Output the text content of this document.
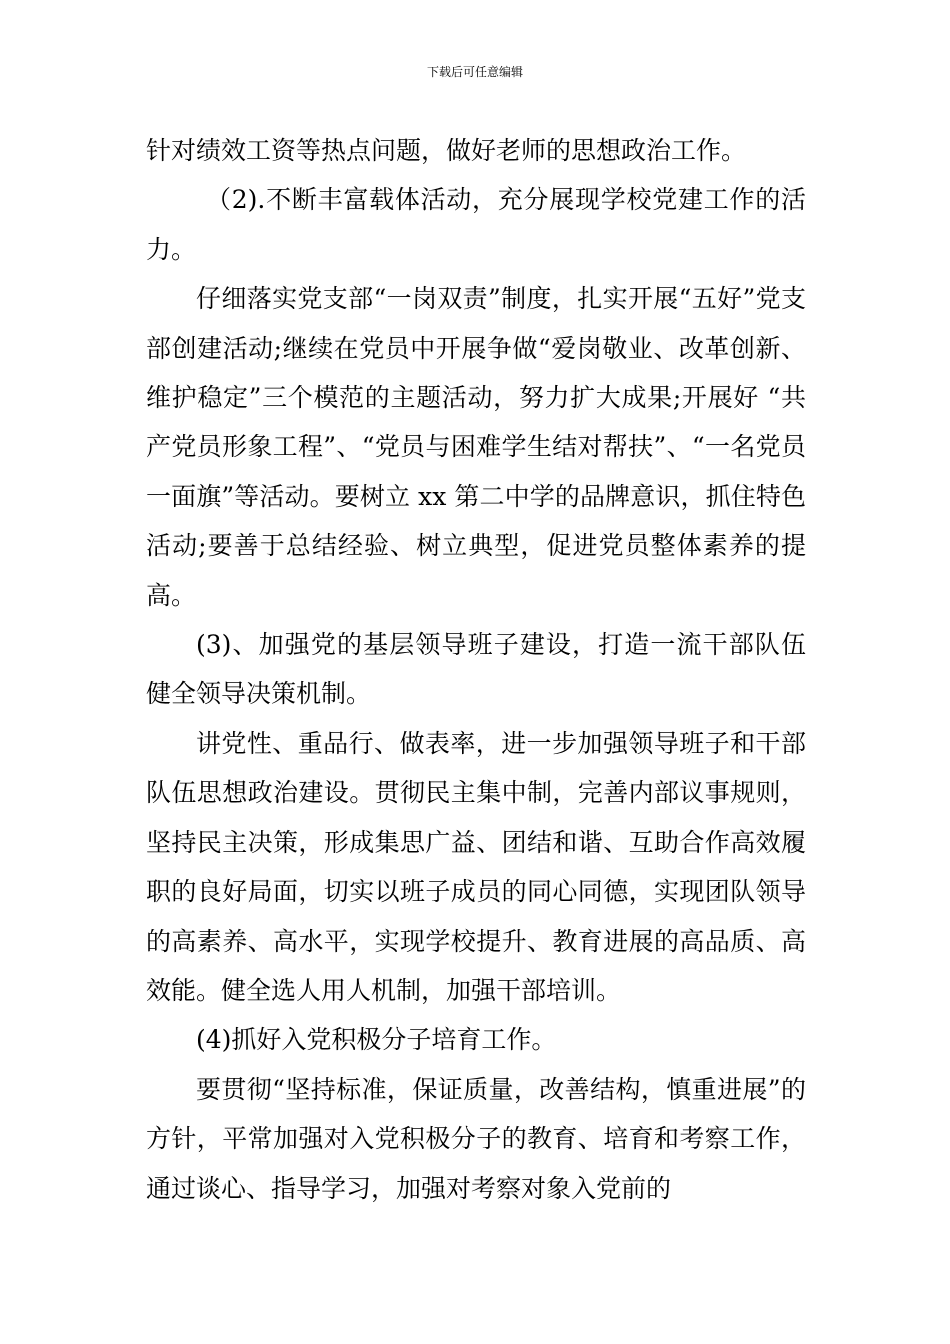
下载后可任意编辑

针对绩效工资等热点问题，做好老师的思想政治工作。

（2).不断丰富载体活动，充分展现学校党建工作的活力。

仔细落实党支部“一岗双责”制度，扎实开展“五好”党支部创建活动;继续在党员中开展争做“爱岗敬业、改革创新、维护稳定”三个模范的主题活动，努力扩大成果;开展好 “共产党员形象工程”、“党员与困难学生结对帮扶”、“一名党员一面旗”等活动。要树立 xx 第二中学的品牌意识，抓住特色活动;要善于总结经验、树立典型，促进党员整体素养的提高。

(3)、加强党的基层领导班子建设，打造一流干部队伍健全领导决策机制。

讲党性、重品行、做表率，进一步加强领导班子和干部队伍思想政治建设。贯彻民主集中制，完善内部议事规则，坚持民主决策，形成集思广益、团结和谐、互助合作高效履职的良好局面，切实以班子成员的同心同德，实现团队领导的高素养、高水平，实现学校提升、教育进展的高品质、高效能。健全选人用人机制，加强干部培训。

(4)抓好入党积极分子培育工作。

要贯彻“坚持标准，保证质量，改善结构，慎重进展”的方针，平常加强对入党积极分子的教育、培育和考察工作，通过谈心、指导学习，加强对考察对象入党前的
